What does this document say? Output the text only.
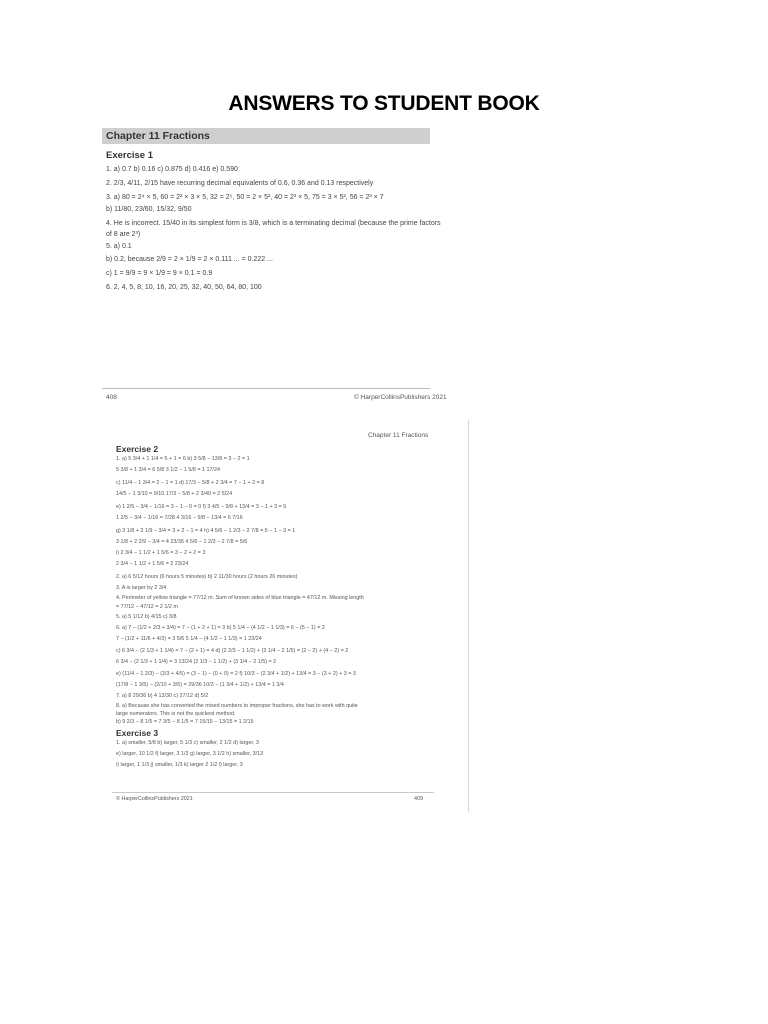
ANSWERS TO STUDENT BOOK
Chapter 11 Fractions
Exercise 1
1. a) 0.7 b) 0.16 c) 0.875 d) 0.416 e) 0.590
2. 2/3, 4/11, 2/15 have recurring decimal equivalents of 0.6, 0.36 and 0.13 respectively
3. a) 80 = 2⁴ × 5, 60 = 2² × 3 × 5, 32 = 2⁵, 50 = 2 × 5², 40 = 2³ × 5, 75 = 3 × 5², 56 = 2³ × 7
b) 11/80, 23/60, 15/32, 9/50
4. He is incorrect. 15/40 in its simplest form is 3/8, which is a terminating decimal (because the prime factors
of 8 are 2³)
5. a) 0.1
b) 0.2, because 2/9 = 2 × 1/9 = 2 × 0.111 ... = 0.222 ...
c) 1 = 9/9 = 9 × 1/9 = 9 × 0.1 = 0.9
6. 2, 4, 5, 8, 10, 16, 20, 25, 32, 40, 50, 64, 80, 100
408	© HarperCollinsPublishers 2021
Chapter 11 Fractions
Exercise 2
1. a) 5 3/4 + 1 1/4 = 5 + 1 = 6 b) 3 5/8 − 13/8 = 3 − 2 = 1
5 3/8 + 1 3/4 = 6 5/8 3 1/2 − 1 5/8 = 1 17/24
c) 11/4 − 1 3/4 = 2 − 1 = 1 d) 17/3 − 5/8 + 2 3/4 = 7 − 1 + 2 = 8
14/5 − 1 3/10 = 9/10 17/3 − 5/8 + 2 3/40 = 2 5/24
e) 1 2/5 − 3/4 − 1/16 = 3 − 1 − 0 = 0 f) 3 4/5 − 9/8 + 13/4 = 3 − 1 + 3 = 5
1 2/5 − 3/4 − 1/16 = 7/28 4 3/16 − 9/8 − 13/4 = 6 7/16
g) 3 1/8 + 2 1/9 − 3/4 = 3 + 2 − 1 = 4 h) 4 5/6 − 1 2/3 − 2 7/8 = 5 − 1 − 3 = 1
3 1/8 + 2 2/9 − 3/4 = 4 23/36 4 5/6 − 1 2/3 − 2 7/8 = 5/6
i) 2 3/4 − 1 1/2 + 1 5/6 = 3 − 2 + 2 = 3
2 3/4 − 1 1/2 + 1 5/6 = 2 23/24
2. a) 6 5/12 hours (6 hours 5 minutes) b) 2 11/30 hours (2 hours 26 minutes)
3. A is larger by 2 3/4
4. Perimeter of yellow triangle = 77/12 m. Sum of known sides of blue triangle = 47/12 m. Missing length
= 77/12 − 47/12 = 2 1/2 m
5. a) 5 1/12 b) 4/15 c) 3/8
6. a) 7 − (1/2 + 2/3 + 3/4) = 7 − (1 + 2 + 1) = 3 b) 5 1/4 − (4 1/2 − 1 1/3) = 6 − (5 − 1) = 2
7 − (1/2 + 11/6 + 4/3) = 3 5/6 5 1/4 − (4 1/2 − 1 1/3) = 1 23/24
c) 6 3/4 − (2 1/3 + 1 1/4) = 7 − (2 + 1) = 4 d) (2 2/3 − 1 1/2) + (3 1/4 − 2 1/5) = (2 − 2) + (4 − 2) = 2
6 3/4 − (2 1/3 + 1 1/4) = 3 13/24 (2 1/3 − 1 1/2) + (3 1/4 − 2 1/5) = 2
e) (11/4 − 1 2/3) − (2/3 + 4/5) = (3 − 1) − (0 + 0) = 2 f) 10/3 − (2 3/4 + 1/2) + 13/4 = 3 − (3 + 2) + 3 = 3
(17/8 − 1 3/5) − (2/10 + 3/5) = 29/36 10/3 − (1 3/4 + 1/2) + 13/4 = 1 3/4
7. a) 8 29/36 b) 4 13/30 c) 27/12 d) 5/2
8. a) Because she has converted the mixed numbers to improper fractions, she has to work with quite
large numerators. This is not the quickest method.
b) 9 2/3 − 8 1/5 = 7 3/5 − 8 1/5 = 7 15/15 − 13/15 = 1 2/15
Exercise 3
1. a) smaller, 5/8 b) larger, 5 1/3 c) smaller, 2 1/2 d) larger, 3
e) larger, 10 1/2 f) larger, 3 1/3 g) larger, 3 1/2 h) smaller, 3/13
i) larger, 1 1/3 j) smaller, 1/3 k) larger 2 1/2 l) larger, 3
© HarperCollinsPublishers 2021	409
